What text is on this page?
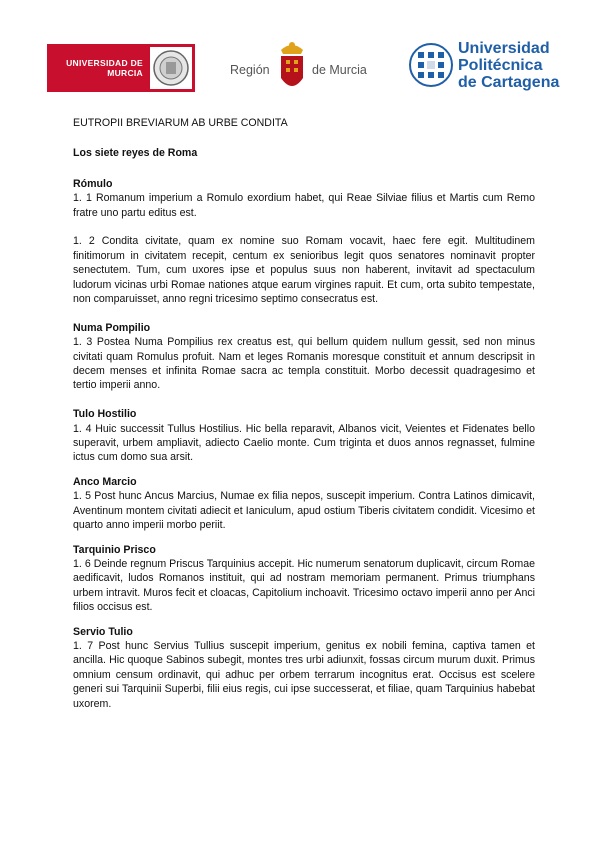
UNIVERSIDAD DE
MURCIA	Región	de Murcia
Universidad
Politécnica
de Cartagena
EUTROPII BREVIARUM AB URBE CONDITA
Los siete reyes de Roma
Rómulo

1. 1 Romanum imperium a Romulo exordium habet, qui Reae Silviae filius et Martis cum Remo fratre uno partu editus est.

1. 2 Condita civitate, quam ex nomine suo Romam vocavit, haec fere egit. Multitudinem finitimorum in civitatem recepit, centum ex senioribus legit quos senatores nominavit propter senectutem. Tum, cum uxores ipse et populus suus non haberent, invitavit ad spectaculum ludorum vicinas urbi Romae nationes atque earum virgines rapuit. Et cum, orta subito tempestate, non comparuisset, anno regni tricesimo septimo consecratus est.

Numa Pompilio

1. 3 Postea Numa Pompilius rex creatus est, qui bellum quidem nullum gessit, sed non minus civitati quam Romulus profuit. Nam et leges Romanis moresque constituit et annum descripsit in decem menses et infinita Romae sacra ac templa constituit. Morbo decessit quadragesimo et tertio imperii anno.

Tulo Hostilio

1. 4 Huic successit Tullus Hostilius. Hic bella reparavit, Albanos vicit, Veientes et Fidenates bello superavit, urbem ampliavit, adiecto Caelio monte. Cum triginta et duos annos regnasset, fulmine ictus cum domo sua arsit.

Anco Marcio

1. 5 Post hunc Ancus Marcius, Numae ex filia nepos, suscepit imperium. Contra Latinos dimicavit, Aventinum montem civitati adiecit et Ianiculum, apud ostium Tiberis civitatem condidit. Vicesimo et quarto anno imperii morbo periit.

Tarquinio Prisco

1. 6 Deinde regnum Priscus Tarquinius accepit. Hic numerum senatorum duplicavit, circum Romae aedificavit, ludos Romanos instituit, qui ad nostram memoriam permanent. Primus triumphans urbem intravit. Muros fecit et cloacas, Capitolium inchoavit. Tricesimo octavo imperii anno per Anci filios occisus est.

Servio Tulio

1. 7 Post hunc Servius Tullius suscepit imperium, genitus ex nobili femina, captiva tamen et ancilla. Hic quoque Sabinos subegit, montes tres urbi adiunxit, fossas circum murum duxit. Primus omnium censum ordinavit, qui adhuc per orbem terrarum incognitus erat. Occisus est scelere generi sui Tarquinii Superbi, filii eius regis, cui ipse successerat, et filiae, quam Tarquinius habebat uxorem.
